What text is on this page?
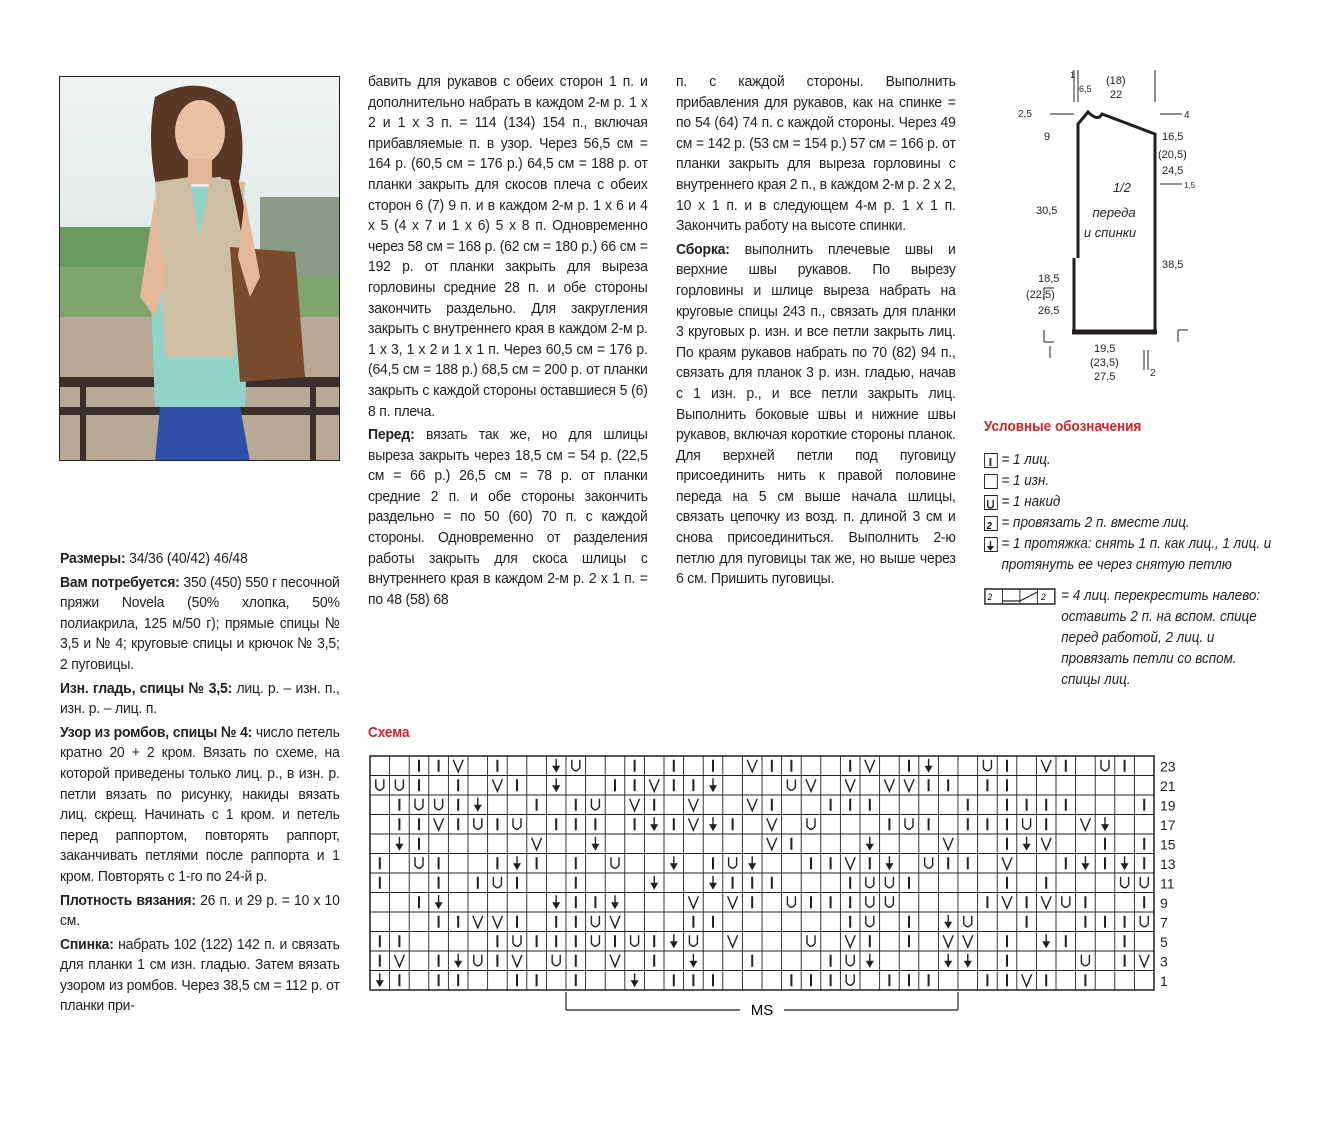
Размеры: 34/36 (40/42) 46/48

Вам потребуется: 350 (450) 550 г песочной пряжи Novela (50% хлопка, 50% полиакрила, 125 м/50 г); прямые спицы № 3,5 и № 4; круговые спицы и крючок № 3,5; 2 пуговицы.

Изн. гладь, спицы № 3,5: лиц. р. – изн. п., изн. р. – лиц. п.

Узор из ромбов, спицы № 4: число петель кратно 20 + 2 кром. Вязать по схеме, на которой приведены только лиц. р., в изн. р. петли вязать по рисунку, накиды вязать лиц. скрещ. Начинать с 1 кром. и петель перед раппортом, повторять раппорт, заканчивать петлями после раппорта и 1 кром. Повторять с 1-го по 24-й р.

Плотность вязания: 26 п. и 29 р. = 10 x 10 см.

Спинка: набрать 102 (122) 142 п. и связать для планки 1 см изн. гладью. Затем вязать узором из ромбов. Через 38,5 см = 112 р. от планки при-

бавить для рукавов с обеих сторон 1 п. и дополнительно набрать в каждом 2-м р. 1 x 2 и 1 x 3 п. = 114 (134) 154 п., включая прибавляемые п. в узор. Через 56,5 см = 164 р. (60,5 см = 176 р.) 64,5 см = 188 р. от планки закрыть для скосов плеча с обеих сторон 6 (7) 9 п. и в каждом 2-м р. 1 x 6 и 4 x 5 (4 x 7 и 1 x 6) 5 x 8 п. Одновременно через 58 см = 168 р. (62 см = 180 р.) 66 см = 192 р. от планки закрыть для выреза горловины средние 28 п. и обе стороны закончить раздельно. Для закругления закрыть с внутреннего края в каждом 2-м р. 1 x 3, 1 x 2 и 1 x 1 п. Через 60,5 см = 176 р. (64,5 см = 188 р.) 68,5 см = 200 р. от планки закрыть с каждой стороны оставшиеся 5 (6) 8 п. плеча.

Перед: вязать так же, но для шлицы выреза закрыть через 18,5 см = 54 р. (22,5 см = 66 р.) 26,5 см = 78 р. от планки средние 2 п. и обе стороны закончить раздельно = по 50 (60) 70 п. с каждой стороны. Одновременно от разделения работы закрыть для скоса шлицы с внутреннего края в каждом 2-м р. 2 x 1 п. = по 48 (58) 68

п. с каждой стороны. Выполнить прибавления для рукавов, как на спинке = по 54 (64) 74 п. с каждой стороны. Через 49 см = 142 р. (53 см = 154 р.) 57 см = 166 р. от планки закрыть для выреза горловины с внутреннего края 2 п., в каждом 2-м р. 2 x 2, 10 x 1 п. и в следующем 4-м р. 1 x 1 п. Закончить работу на высоте спинки.

Сборка: выполнить плечевые швы и верхние швы рукавов. По вырезу горловины и шлице выреза набрать на круговые спицы 243 п., связать для планки 3 круговых р. изн. и все петли закрыть лиц. По краям рукавов набрать по 70 (82) 94 п., связать для планок 3 р. изн. гладью, начав с 1 изн. р., и все петли закрыть лиц. Выполнить боковые швы и нижние швы рукавов, включая короткие стороны планок. Для верхней петли под пуговицу присоединить нить к правой половине переда на 5 см выше начала шлицы, связать цепочку из возд. п. длиной 3 см и снова присоединиться. Выполнить 2-ю петлю для пуговицы так же, но выше через 6 см. Пришить пуговицы.

1/2
переда
и спинки
1
6,5
(18)
22
2,5
9
30,5
18,5
(22,5)
26,5
4
16,5
(20,5)
24,5
1,5
38,5
19,5
(23,5)
27,5	2
Условные обозначения
= 1 лиц.
= 1 изн.
= 1 накид
2 = провязать 2 п. вместе лиц.
= 1 протяжка: снять 1 п. как лиц., 1 лиц. и протянуть ее через снятую петлю
2	2 = 4 лиц. перекрестить налево: оставить 2 п. на вспом. спице перед работой, 2 лиц. и провязать петли со вспом. спицы лиц.
Схема
23
21
19
17
15
13
11
9
7
5
3
1
MS
